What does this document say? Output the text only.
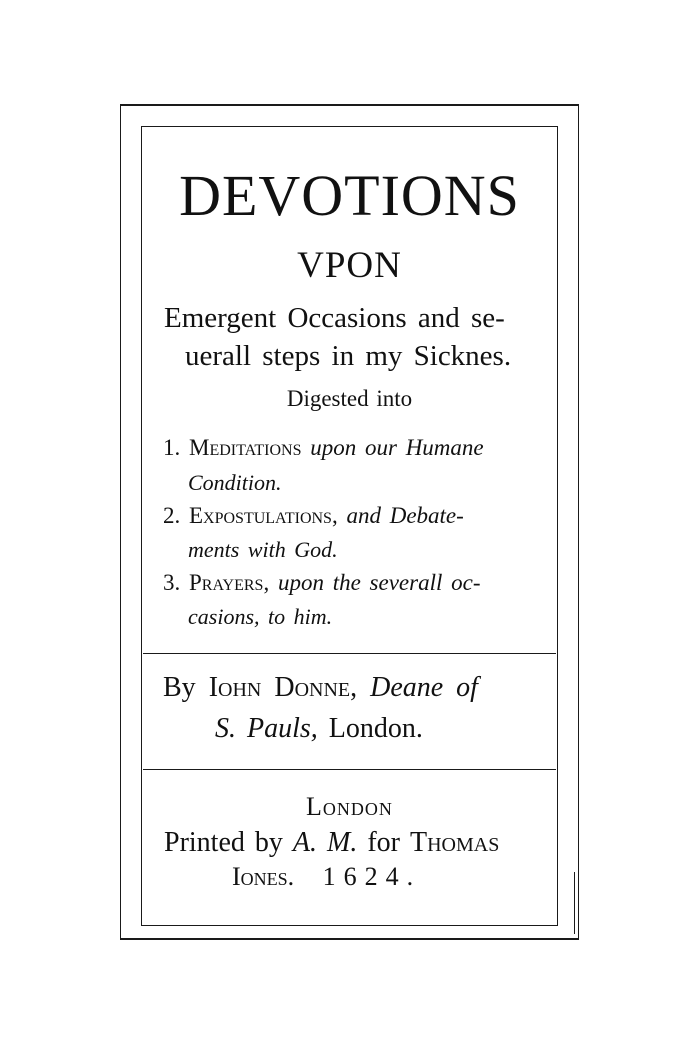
DEVOTIONS
VPON
Emergent Occasions and se-
uerall steps in my Sicknes.
Digested into
1. Meditations upon our Humane
Condition.
2. Expostulations, and Debate-
ments with God.
3. Prayers, upon the severall oc-
casions, to him.
By Iohn Donne, Deane of
S. Pauls, London.
London
Printed by A. M. for Thomas
Iones. 1624.
